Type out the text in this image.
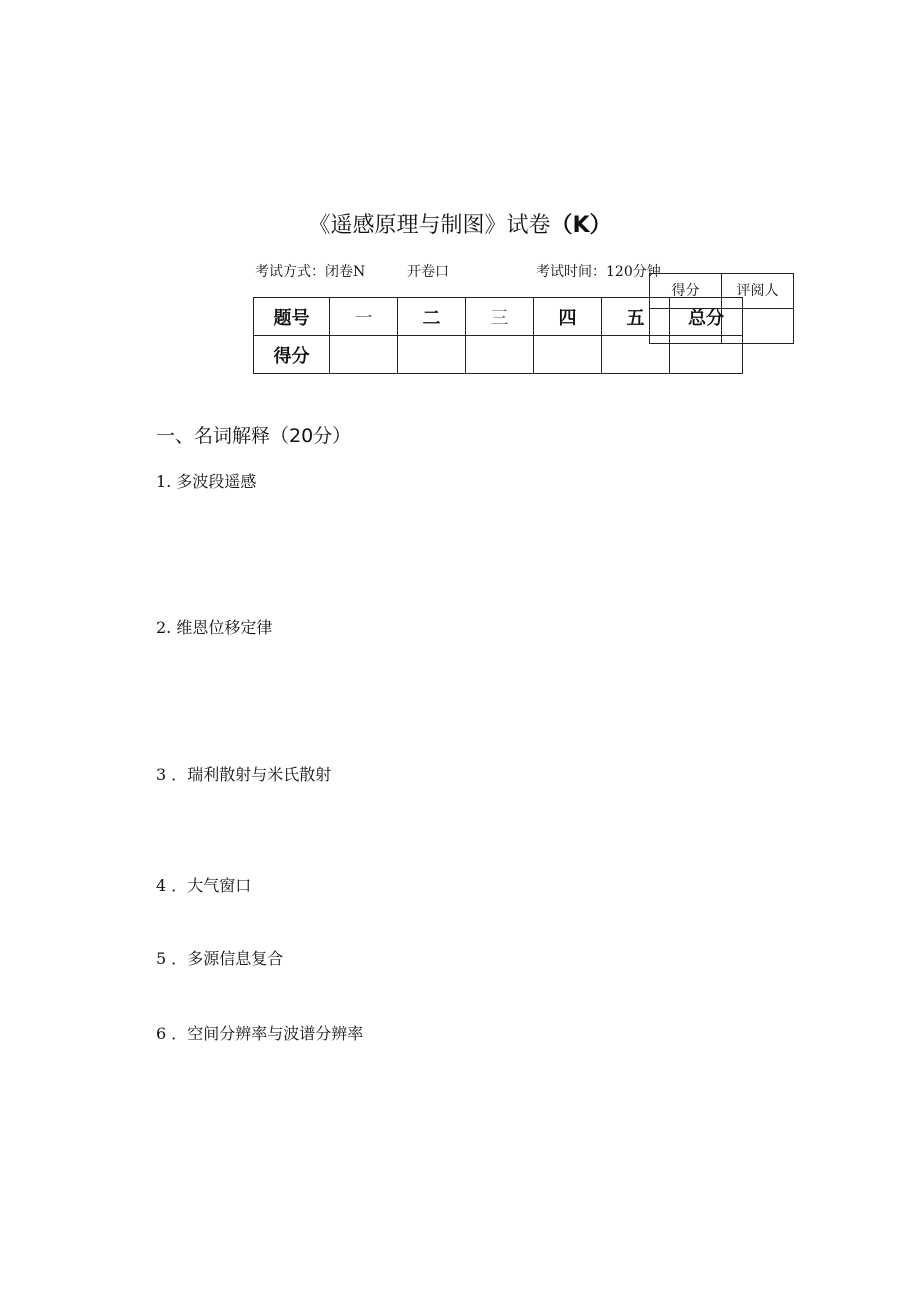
《遥感原理与制图》试卷（K）
考试方式：闭卷N	开卷口	考试时间：120分钟
题号	一	二	三	四	五	总分
得分						
得分	评阅人

一、名词解释（20分）
1. 多波段遥感
2. 维恩位移定律
3 ．瑞利散射与米氏散射
4 ．大气窗口
5 ．多源信息复合
6 ．空间分辨率与波谱分辨率
